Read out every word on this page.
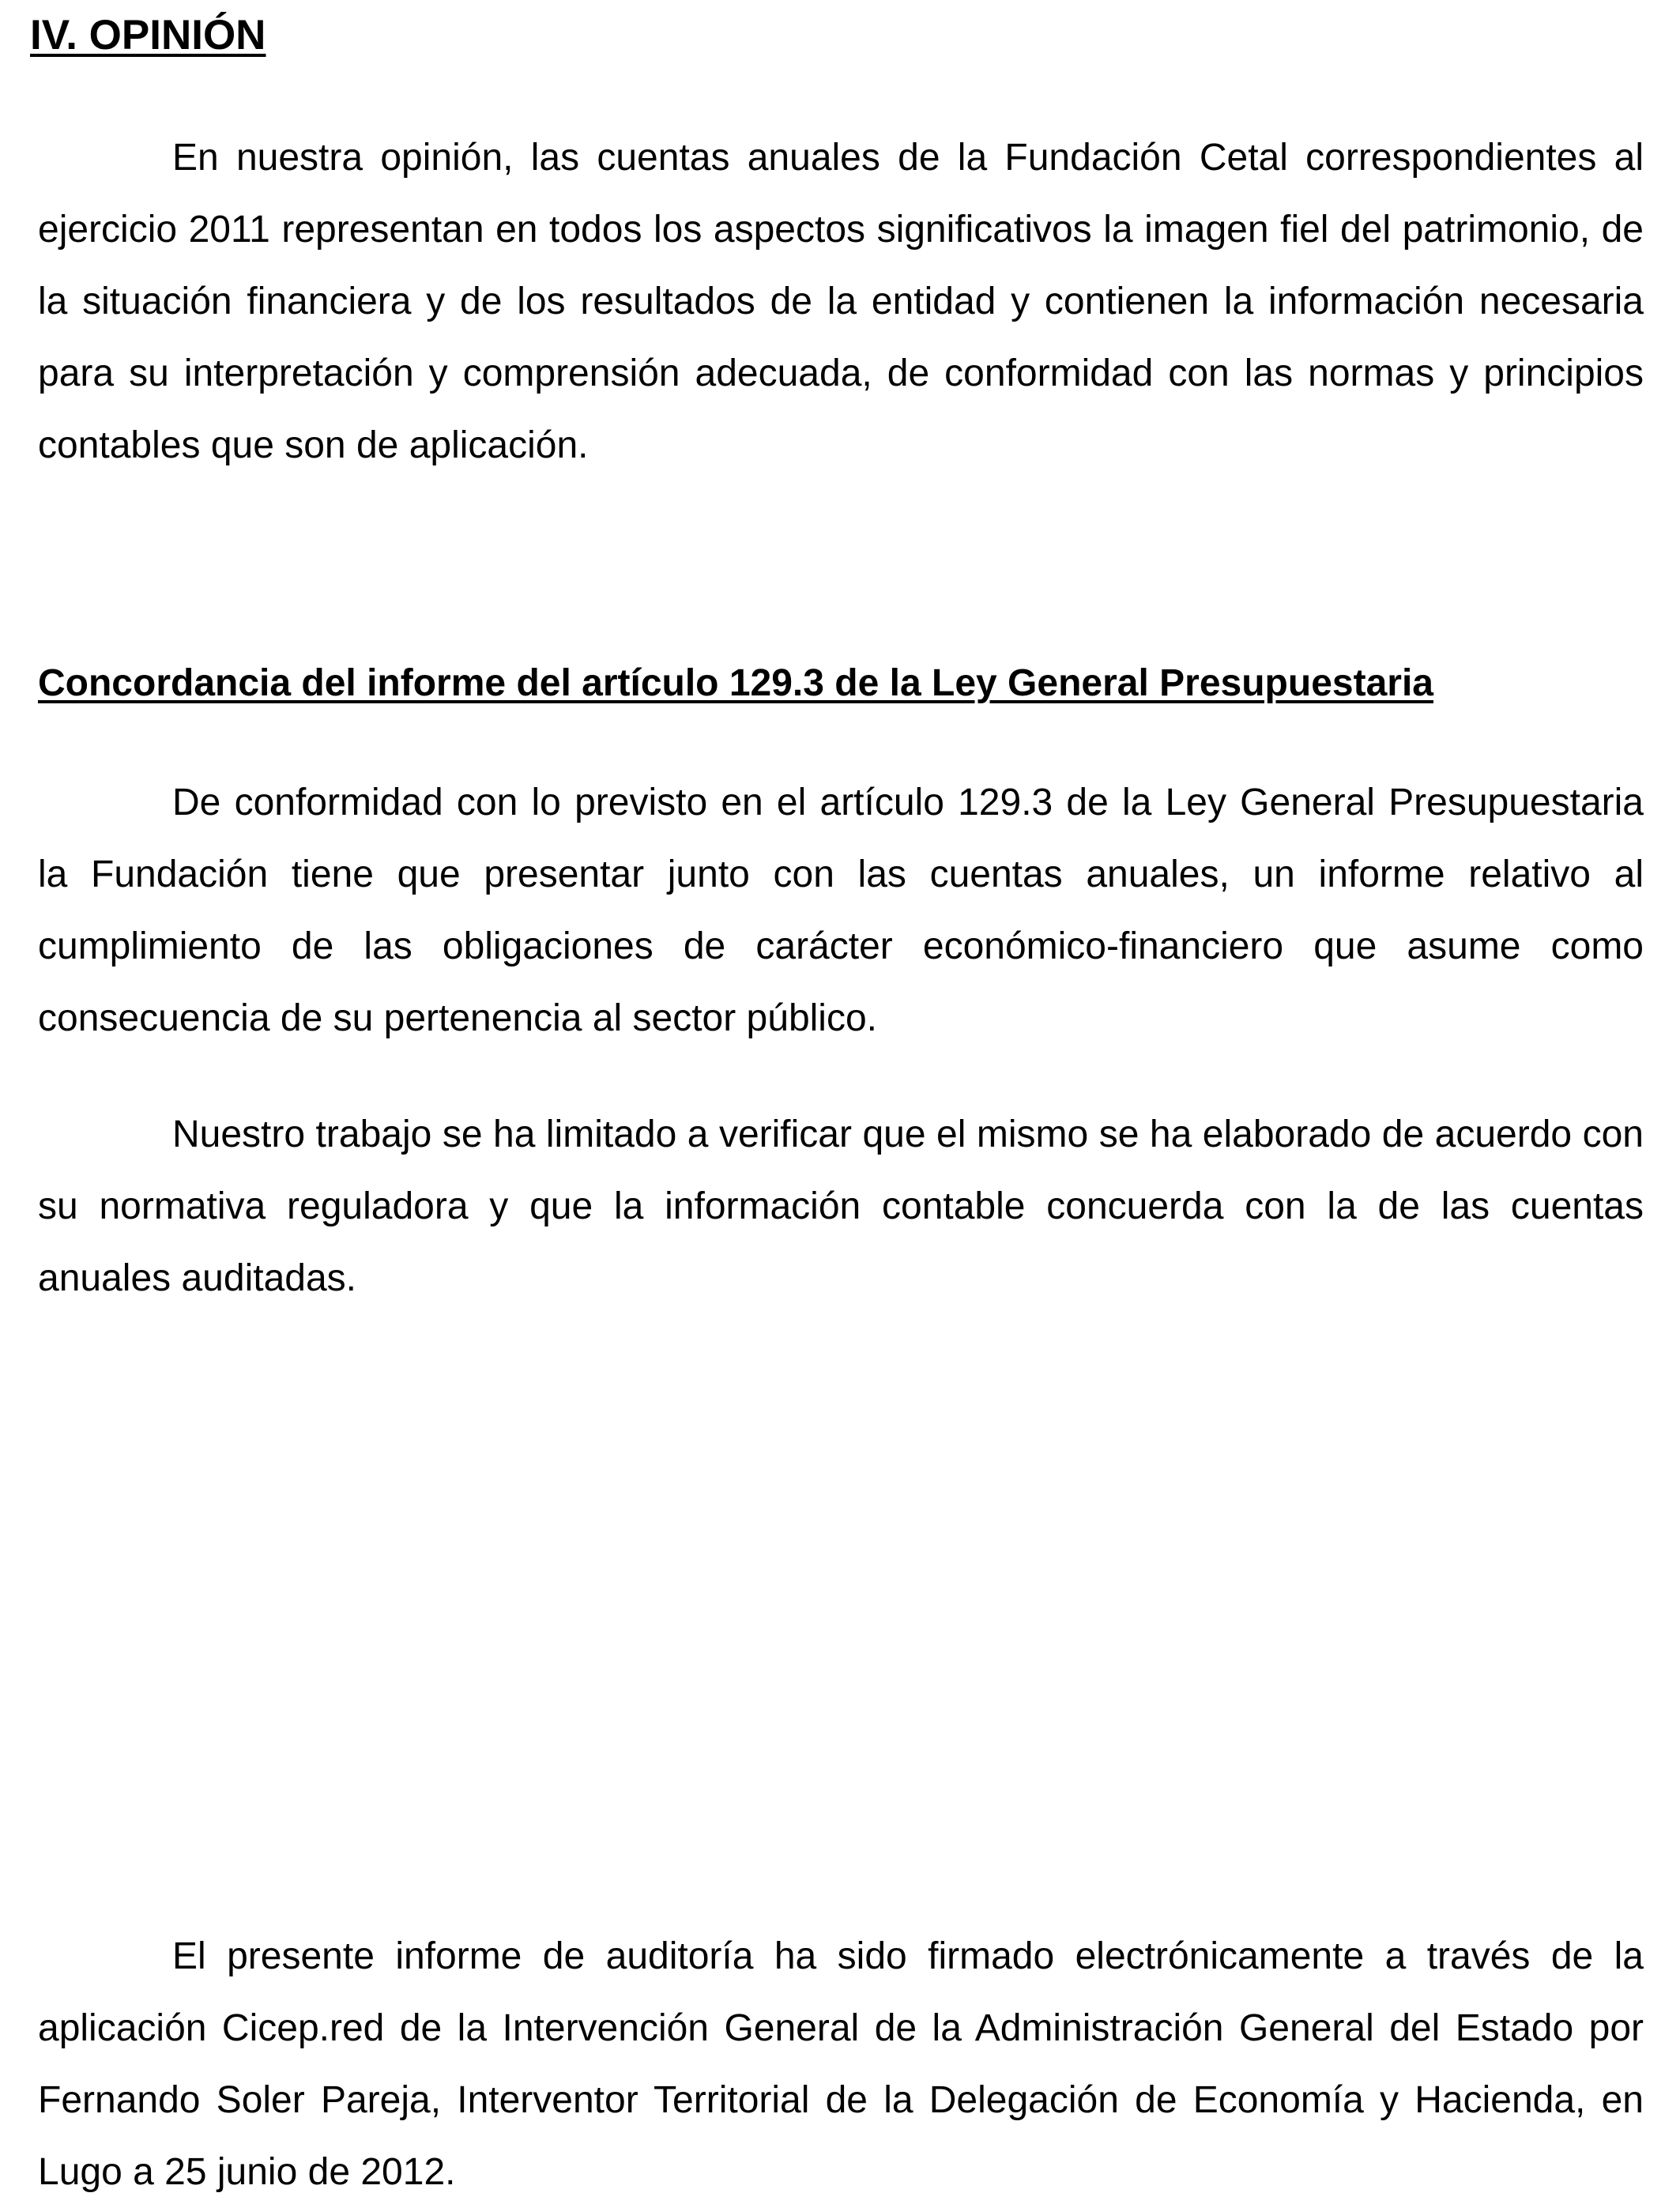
IV. OPINIÓN

En nuestra opinión, las cuentas anuales de la Fundación Cetal correspondientes al ejercicio 2011 representan en todos los aspectos significativos la imagen fiel del patrimonio, de la situación financiera y de los resultados de la entidad y contienen la información necesaria para su interpretación y comprensión adecuada, de conformidad con las normas y principios contables que son de aplicación.

Concordancia del informe del artículo 129.3 de la Ley General Presupuestaria

De conformidad con lo previsto en el artículo 129.3 de la Ley General Presupuestaria la Fundación tiene que presentar junto con las cuentas anuales, un informe relativo al cumplimiento de las obligaciones de carácter económico-financiero que asume como consecuencia de su pertenencia al sector público.

Nuestro trabajo se ha limitado a verificar que el mismo se ha elaborado de acuerdo con su normativa reguladora y que la información contable concuerda con la de las cuentas anuales auditadas.

El presente informe de auditoría ha sido firmado electrónicamente a través de la aplicación Cicep.red de la Intervención General de la Administración General del Estado por Fernando Soler Pareja, Interventor Territorial de la Delegación de Economía y Hacienda, en Lugo a 25 junio de 2012.
